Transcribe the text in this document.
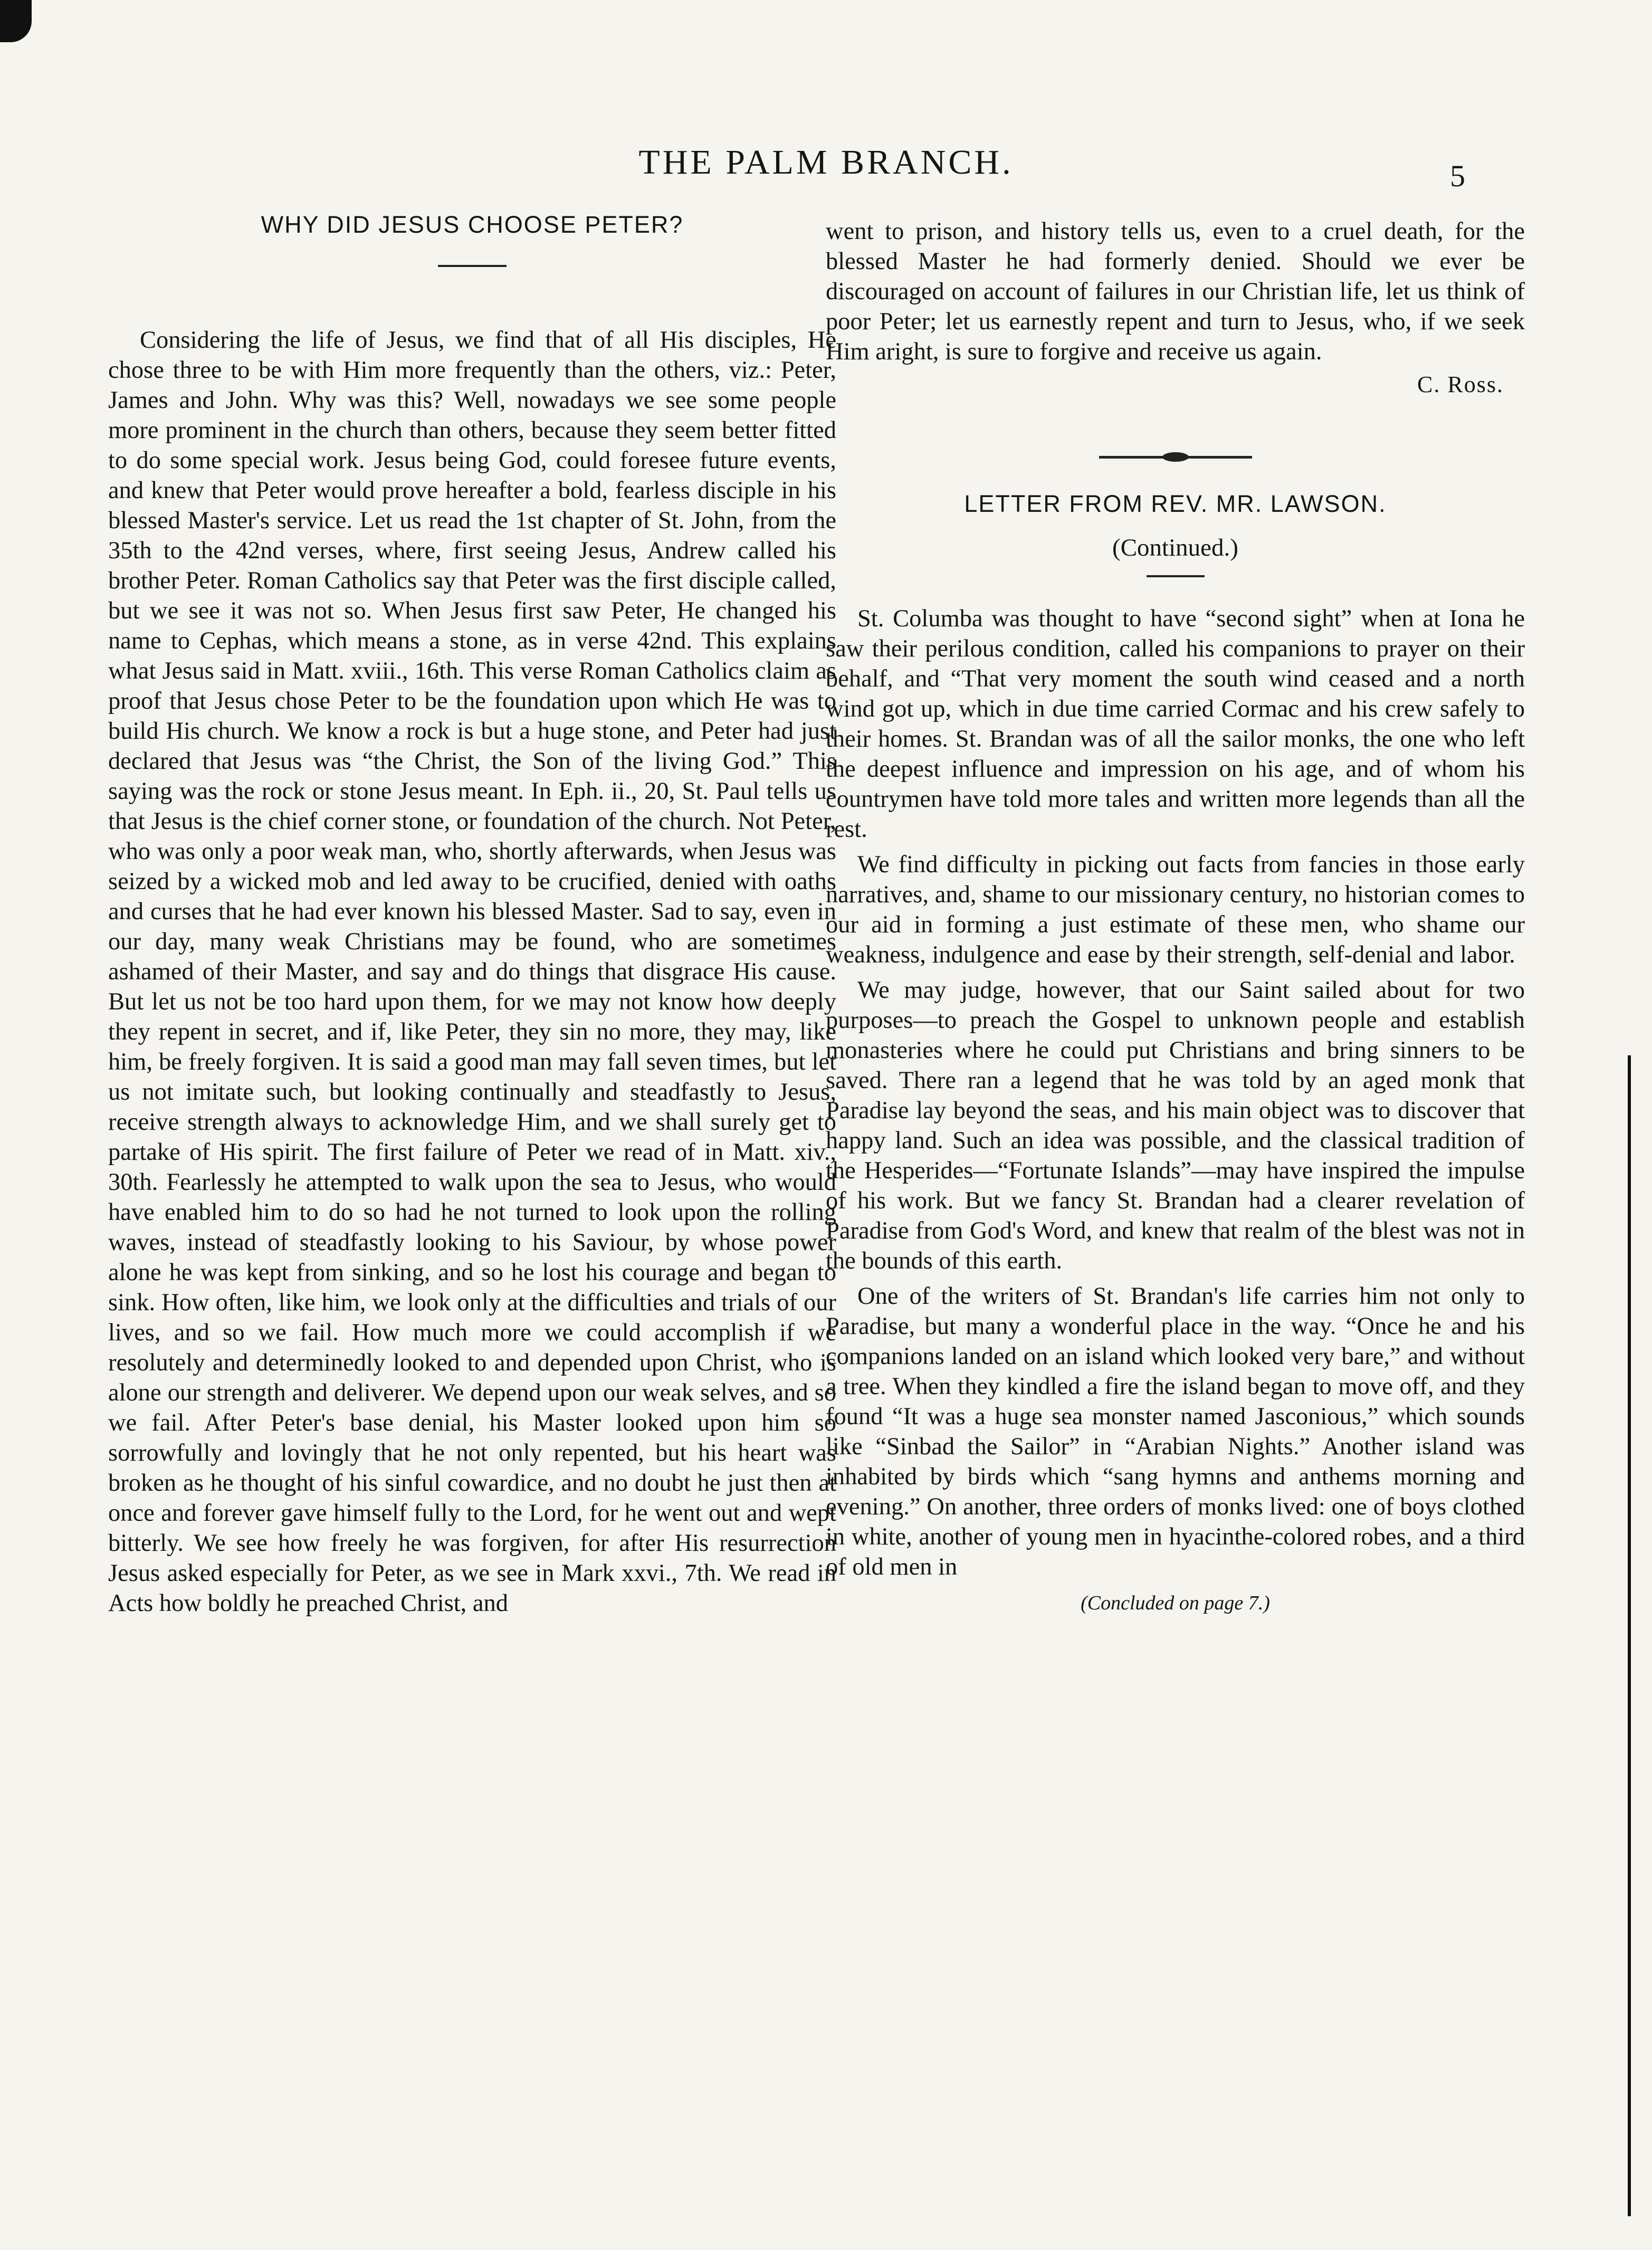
THE PALM BRANCH.	5
WHY DID JESUS CHOOSE PETER?

Considering the life of Jesus, we find that of all His disciples, He chose three to be with Him more frequently than the others, viz.: Peter, James and John. Why was this? Well, nowadays we see some people more prominent in the church than others, because they seem better fitted to do some special work. Jesus being God, could foresee future events, and knew that Peter would prove hereafter a bold, fearless disciple in his blessed Master's service. Let us read the 1st chapter of St. John, from the 35th to the 42nd verses, where, first seeing Jesus, Andrew called his brother Peter. Roman Catholics say that Peter was the first disciple called, but we see it was not so. When Jesus first saw Peter, He changed his name to Cephas, which means a stone, as in verse 42nd. This explains what Jesus said in Matt. xviii., 16th. This verse Roman Catholics claim as proof that Jesus chose Peter to be the foundation upon which He was to build His church. We know a rock is but a huge stone, and Peter had just declared that Jesus was “the Christ, the Son of the living God.” This saying was the rock or stone Jesus meant. In Eph. ii., 20, St. Paul tells us that Jesus is the chief corner stone, or foundation of the church. Not Peter, who was only a poor weak man, who, shortly afterwards, when Jesus was seized by a wicked mob and led away to be crucified, denied with oaths and curses that he had ever known his blessed Master. Sad to say, even in our day, many weak Christians may be found, who are sometimes ashamed of their Master, and say and do things that disgrace His cause. But let us not be too hard upon them, for we may not know how deeply they repent in secret, and if, like Peter, they sin no more, they may, like him, be freely forgiven. It is said a good man may fall seven times, but let us not imitate such, but looking continually and steadfastly to Jesus, receive strength always to acknowledge Him, and we shall surely get to partake of His spirit. The first failure of Peter we read of in Matt. xiv., 30th. Fearlessly he attempted to walk upon the sea to Jesus, who would have enabled him to do so had he not turned to look upon the rolling waves, instead of steadfastly looking to his Saviour, by whose power alone he was kept from sinking, and so he lost his courage and began to sink. How often, like him, we look only at the difficulties and trials of our lives, and so we fail. How much more we could accomplish if we resolutely and determinedly looked to and depended upon Christ, who is alone our strength and deliverer. We depend upon our weak selves, and so we fail. After Peter's base denial, his Master looked upon him so sorrowfully and lovingly that he not only repented, but his heart was broken as he thought of his sinful cowardice, and no doubt he just then at once and forever gave himself fully to the Lord, for he went out and wept bitterly. We see how freely he was forgiven, for after His resurrection Jesus asked especially for Peter, as we see in Mark xxvi., 7th. We read in Acts how boldly he preached Christ, and

went to prison, and history tells us, even to a cruel death, for the blessed Master he had formerly denied. Should we ever be discouraged on account of failures in our Christian life, let us think of poor Peter; let us earnestly repent and turn to Jesus, who, if we seek Him aright, is sure to forgive and receive us again.

C. Ross.
LETTER FROM REV. MR. LAWSON.
(Continued.)

St. Columba was thought to have “second sight” when at Iona he saw their perilous condition, called his companions to prayer on their behalf, and “That very moment the south wind ceased and a north wind got up, which in due time carried Cormac and his crew safely to their homes. St. Brandan was of all the sailor monks, the one who left the deepest influence and impression on his age, and of whom his countrymen have told more tales and written more legends than all the rest.

We find difficulty in picking out facts from fancies in those early narratives, and, shame to our missionary century, no historian comes to our aid in forming a just estimate of these men, who shame our weakness, indulgence and ease by their strength, self-denial and labor.

We may judge, however, that our Saint sailed about for two purposes—to preach the Gospel to unknown people and establish monasteries where he could put Christians and bring sinners to be saved. There ran a legend that he was told by an aged monk that Paradise lay beyond the seas, and his main object was to discover that happy land. Such an idea was possible, and the classical tradition of the Hesperides—“Fortunate Islands”—may have inspired the impulse of his work. But we fancy St. Brandan had a clearer revelation of Paradise from God's Word, and knew that realm of the blest was not in the bounds of this earth.

One of the writers of St. Brandan's life carries him not only to Paradise, but many a wonderful place in the way. “Once he and his companions landed on an island which looked very bare,” and without a tree. When they kindled a fire the island began to move off, and they found “It was a huge sea monster named Jasconious,” which sounds like “Sinbad the Sailor” in “Arabian Nights.” Another island was inhabited by birds which “sang hymns and anthems morning and evening.” On another, three orders of monks lived: one of boys clothed in white, another of young men in hyacinthe-colored robes, and a third of old men in

(Concluded on page 7.)
